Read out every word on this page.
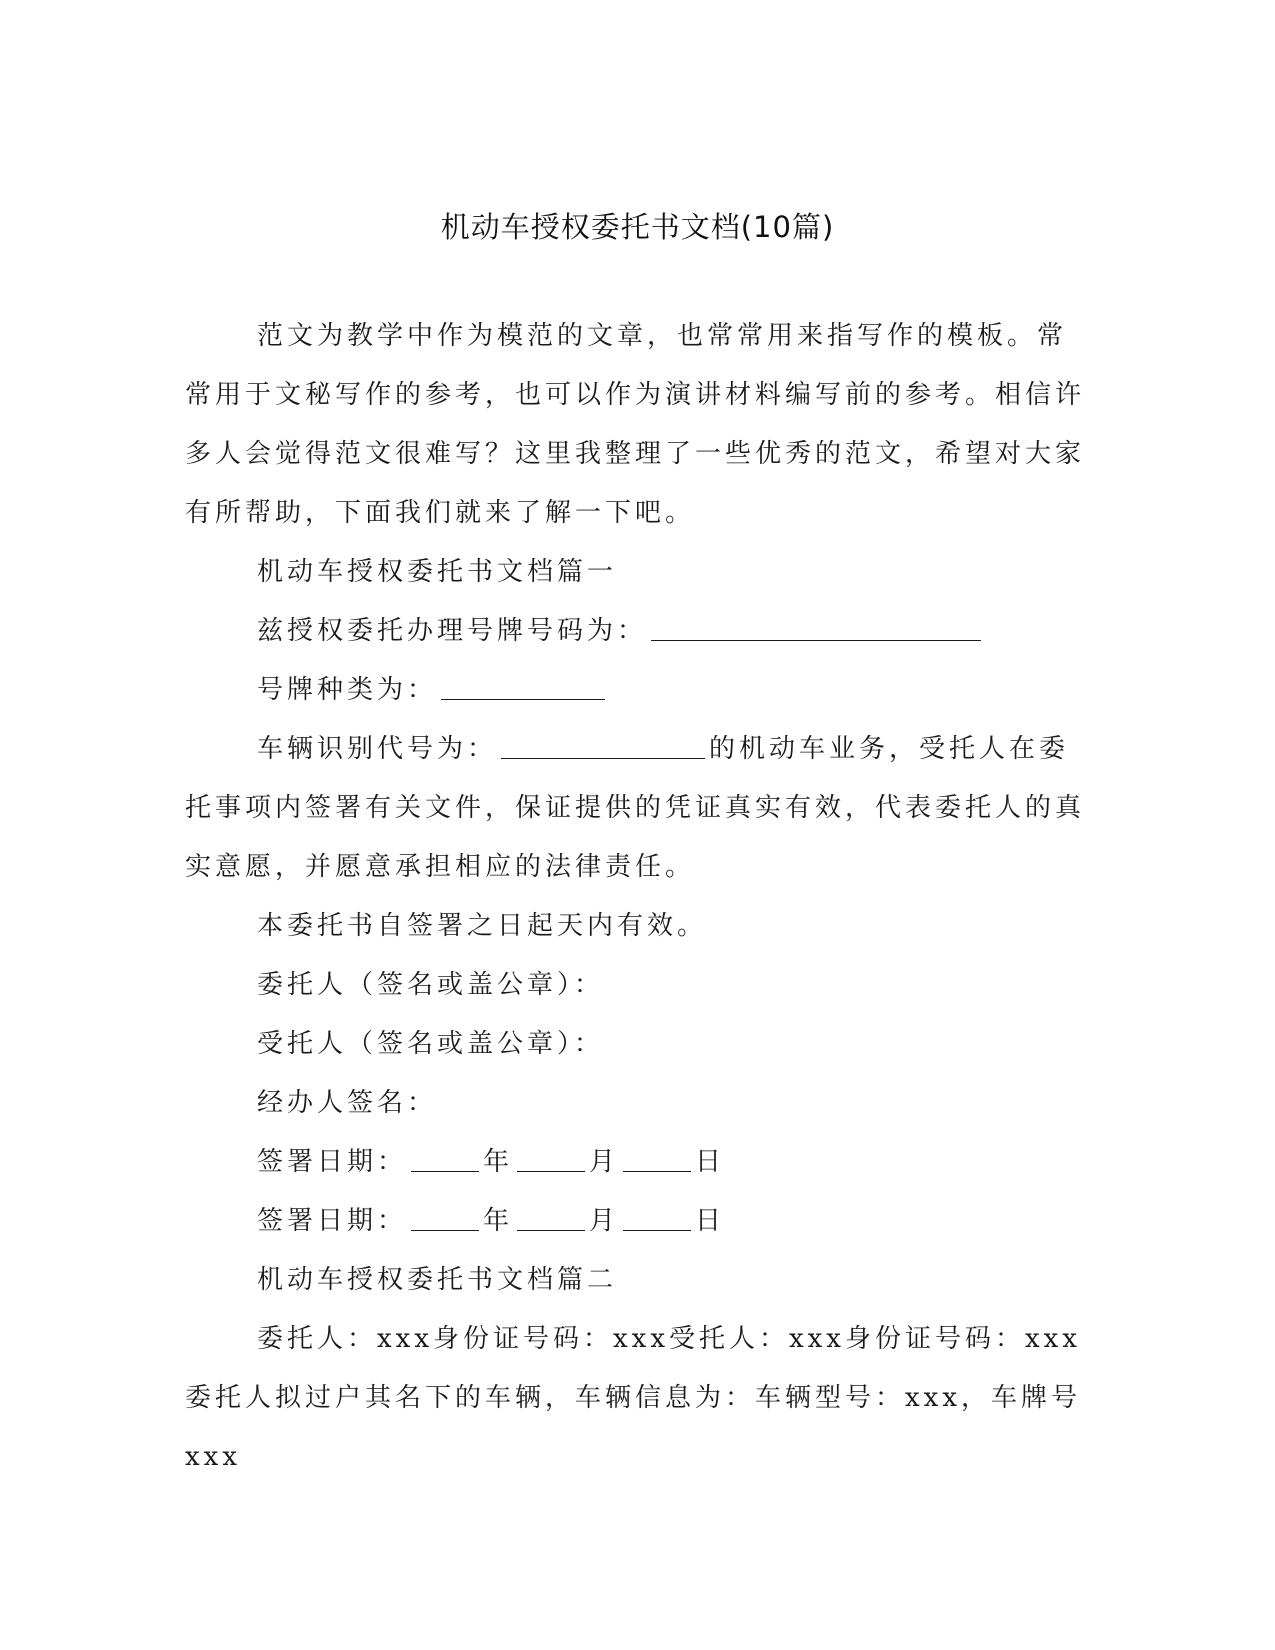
机动车授权委托书文档(10篇)

范文为教学中作为模范的文章，也常常用来指写作的模板。常常用于文秘写作的参考，也可以作为演讲材料编写前的参考。相信许多人会觉得范文很难写？这里我整理了一些优秀的范文，希望对大家有所帮助，下面我们就来了解一下吧。

机动车授权委托书文档篇一

兹授权委托办理号牌号码为：

号牌种类为：

车辆识别代号为：	的机动车业务，受托人在委托事项内签署有关文件，保证提供的凭证真实有效，代表委托人的真实意愿，并愿意承担相应的法律责任。

本委托书自签署之日起天内有效。

委托人（签名或盖公章）：

受托人（签名或盖公章）：

经办人签名：

签署日期：	年	月	日

签署日期：	年	月	日

机动车授权委托书文档篇二

委托人：xxx身份证号码：xxx受托人：xxx身份证号码：xxx委托人拟过户其名下的车辆，车辆信息为：车辆型号：xxx，车牌号xxx
